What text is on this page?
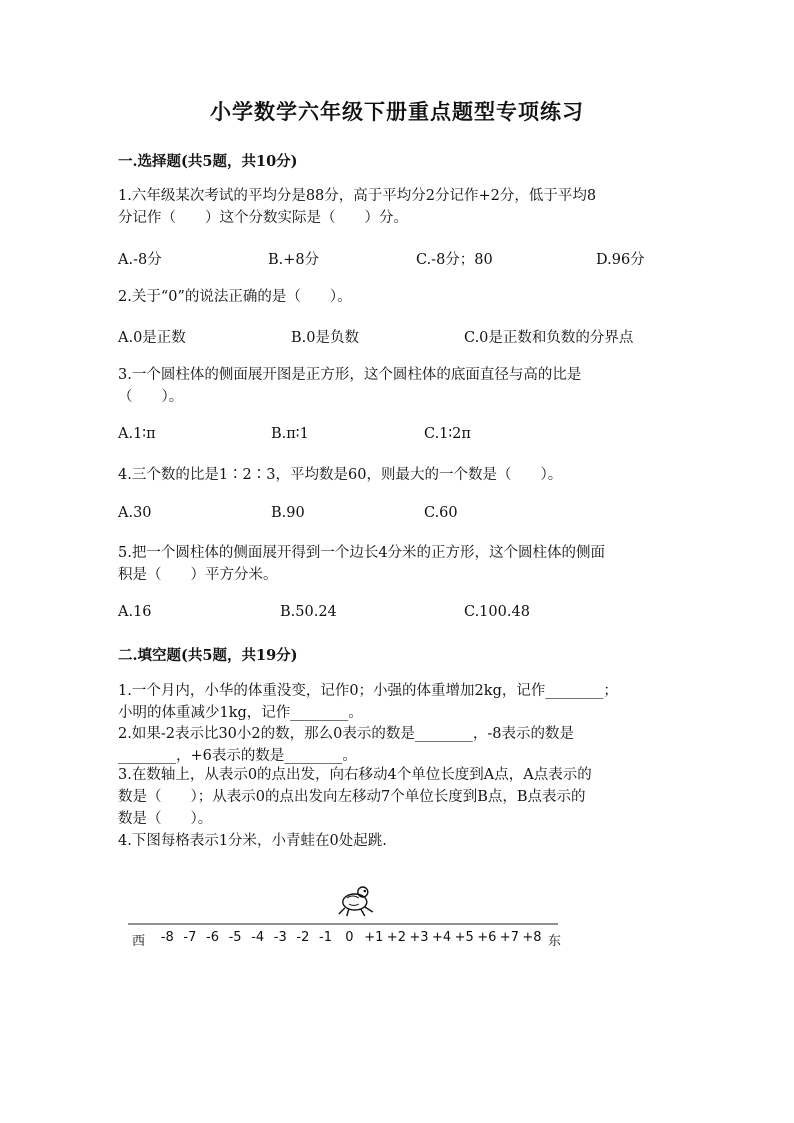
小学数学六年级下册重点题型专项练习
一.选择题(共5题，共10分)
1.六年级某次考试的平均分是88分，高于平均分2分记作+2分，低于平均8
分记作（　　）这个分数实际是（　　）分。
A.-8分	B.+8分	C.-8分；80	D.96分
2.关于“0”的说法正确的是（　　）。
A.0是正数	B.0是负数	C.0是正数和负数的分界点
3.一个圆柱体的侧面展开图是正方形，这个圆柱体的底面直径与高的比是
（　　）。
A.1∶π	B.π∶1	C.1∶2π
4.三个数的比是1∶2∶3，平均数是60，则最大的一个数是（　　）。
A.30	B.90	C.60
5.把一个圆柱体的侧面展开得到一个边长4分米的正方形，这个圆柱体的侧面
积是（　　）平方分米。
A.16	B.50.24	C.100.48
二.填空题(共5题，共19分)
1.一个月内，小华的体重没变，记作0；小强的体重增加2kg，记作________；
小明的体重减少1kg，记作________。
2.如果-2表示比30小2的数，那么0表示的数是________，-8表示的数是
________，+6表示的数是________。
3.在数轴上，从表示0的点出发，向右移动4个单位长度到A点，A点表示的
数是（　　）；从表示0的点出发向左移动7个单位长度到B点，B点表示的
数是（　　）。
4.下图每格表示1分米，小青蛙在0处起跳.
西	东
-8 -7 -6 -5 -4 -3 -2 -1 0 +1 +2 +3 +4 +5 +6 +7 +8
